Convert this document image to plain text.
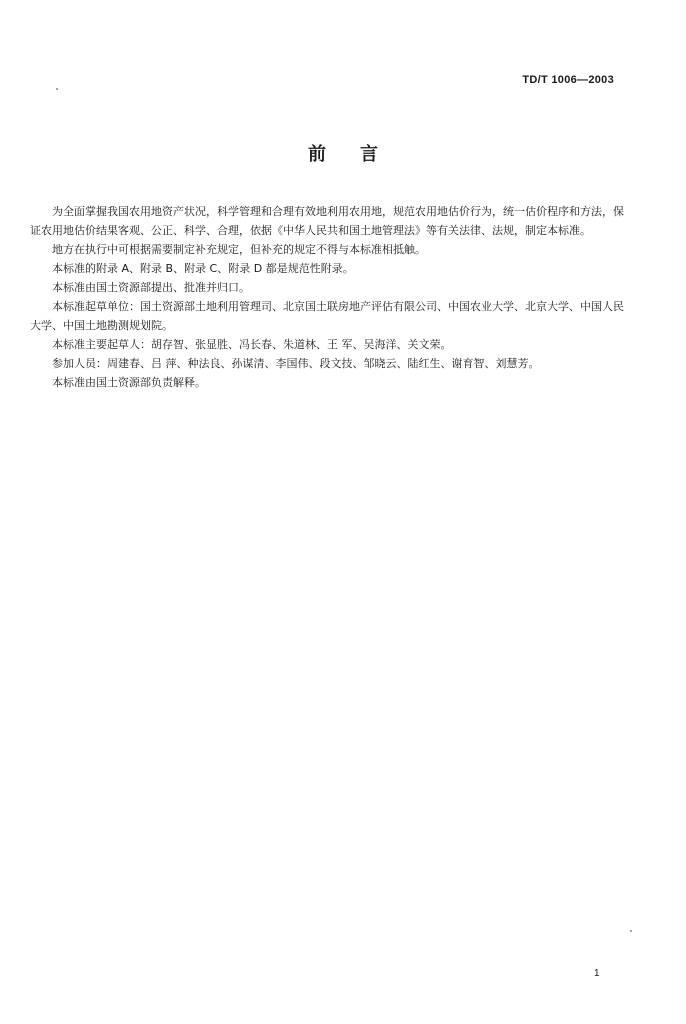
TD/T 1006—2003
前 言

为全面掌握我国农用地资产状况，科学管理和合理有效地利用农用地，规范农用地估价行为，统一估价程序和方法，保证农用地估价结果客观、公正、科学、合理，依据《中华人民共和国土地管理法》等有关法律、法规，制定本标准。

地方在执行中可根据需要制定补充规定，但补充的规定不得与本标准相抵触。

本标准的附录 A、附录 B、附录 C、附录 D 都是规范性附录。

本标准由国土资源部提出、批准并归口。

本标准起草单位：国土资源部土地利用管理司、北京国土联房地产评估有限公司、中国农业大学、北京大学、中国人民大学、中国土地勘测规划院。

本标准主要起草人：胡存智、张显胜、冯长春、朱道林、王 军、吴海洋、关文荣。

参加人员：周建春、吕 萍、种法良、孙谋清、李国伟、段文技、邹晓云、陆红生、谢育智、刘慧芳。

本标准由国土资源部负责解释。

1
